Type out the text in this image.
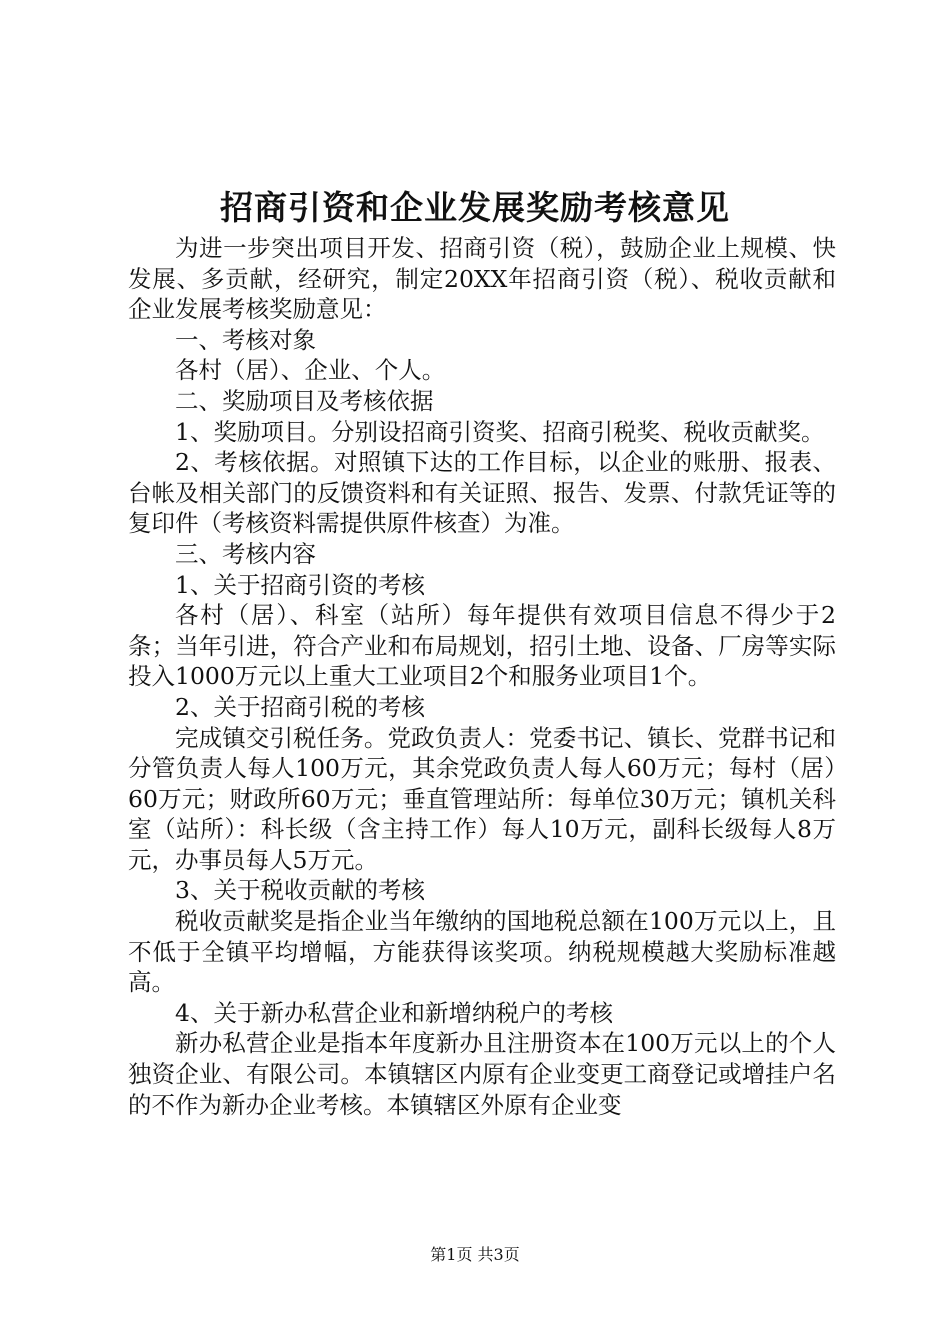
招商引资和企业发展奖励考核意见

为进一步突出项目开发、招商引资（税），鼓励企业上规模、快发展、多贡献，经研究，制定20XX年招商引资（税）、税收贡献和企业发展考核奖励意见：

一、考核对象

各村（居）、企业、个人。

二、奖励项目及考核依据

1、奖励项目。分别设招商引资奖、招商引税奖、税收贡献奖。

2、考核依据。对照镇下达的工作目标，以企业的账册、报表、台帐及相关部门的反馈资料和有关证照、报告、发票、付款凭证等的复印件（考核资料需提供原件核查）为准。

三、考核内容

1、关于招商引资的考核

各村（居）、科室（站所）每年提供有效项目信息不得少于2条；当年引进，符合产业和布局规划，招引土地、设备、厂房等实际投入1000万元以上重大工业项目2个和服务业项目1个。

2、关于招商引税的考核

完成镇交引税任务。党政负责人：党委书记、镇长、党群书记和分管负责人每人100万元，其余党政负责人每人60万元；每村（居）60万元；财政所60万元；垂直管理站所：每单位30万元；镇机关科室（站所）：科长级（含主持工作）每人10万元，副科长级每人8万元，办事员每人5万元。

3、关于税收贡献的考核

税收贡献奖是指企业当年缴纳的国地税总额在100万元以上，且不低于全镇平均增幅，方能获得该奖项。纳税规模越大奖励标准越高。

4、关于新办私营企业和新增纳税户的考核

新办私营企业是指本年度新办且注册资本在100万元以上的个人独资企业、有限公司。本镇辖区内原有企业变更工商登记或增挂户名的不作为新办企业考核。本镇辖区外原有企业变

第1页 共3页
